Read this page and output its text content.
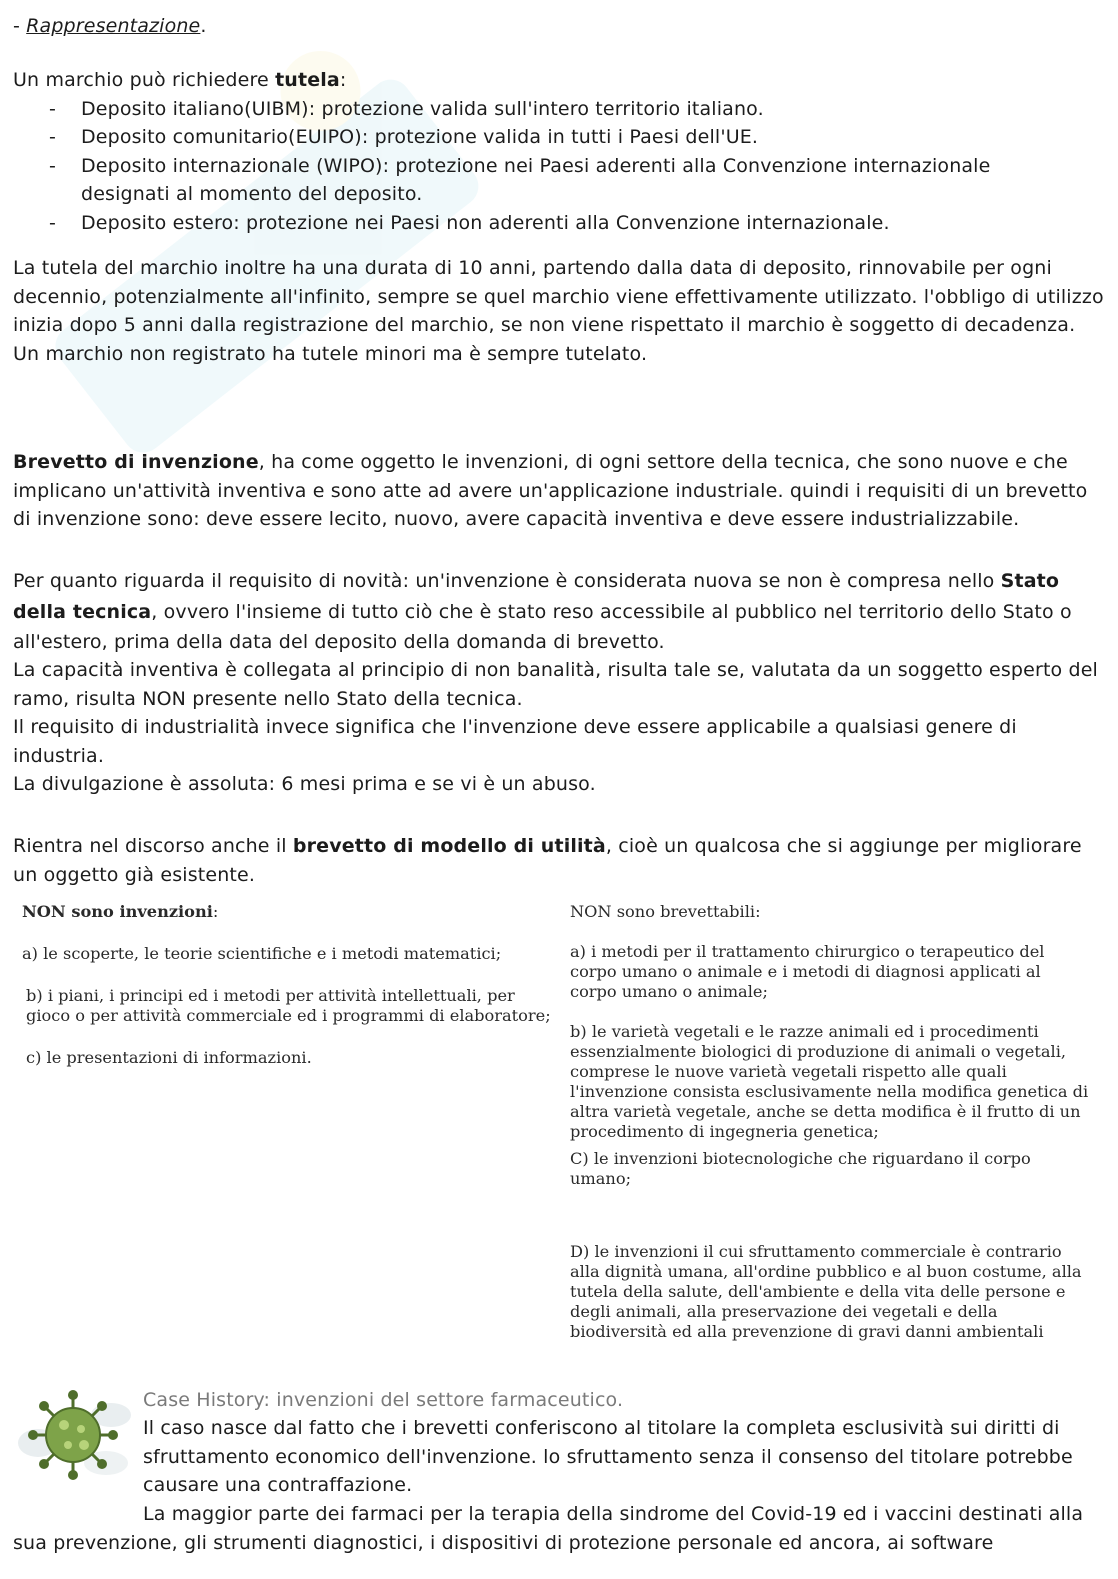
- Rappresentazione.
Un marchio può richiedere tutela:
- Deposito italiano(UIBM): protezione valida sull'intero territorio italiano.
- Deposito comunitario(EUIPO): protezione valida in tutti i Paesi dell'UE.
- Deposito internazionale (WIPO): protezione nei Paesi aderenti alla Convenzione internazionale designati al momento del deposito.
- Deposito estero: protezione nei Paesi non aderenti alla Convenzione internazionale.
La tutela del marchio inoltre ha una durata di 10 anni, partendo dalla data di deposito, rinnovabile per ogni decennio, potenzialmente all'infinito, sempre se quel marchio viene effettivamente utilizzato. l'obbligo di utilizzo inizia dopo 5 anni dalla registrazione del marchio, se non viene rispettato il marchio è soggetto di decadenza.
Un marchio non registrato ha tutele minori ma è sempre tutelato.
Brevetto di invenzione, ha come oggetto le invenzioni, di ogni settore della tecnica, che sono nuove e che implicano un'attività inventiva e sono atte ad avere un'applicazione industriale. quindi i requisiti di un brevetto di invenzione sono: deve essere lecito, nuovo, avere capacità inventiva e deve essere industrializzabile.
Per quanto riguarda il requisito di novità: un'invenzione è considerata nuova se non è compresa nello Stato della tecnica, ovvero l'insieme di tutto ciò che è stato reso accessibile al pubblico nel territorio dello Stato o all'estero, prima della data del deposito della domanda di brevetto.
La capacità inventiva è collegata al principio di non banalità, risulta tale se, valutata da un soggetto esperto del ramo, risulta NON presente nello Stato della tecnica.
Il requisito di industrialità invece significa che l'invenzione deve essere applicabile a qualsiasi genere di industria.
La divulgazione è assoluta: 6 mesi prima e se vi è un abuso.
Rientra nel discorso anche il brevetto di modello di utilità, cioè un qualcosa che si aggiunge per migliorare un oggetto già esistente.

NON sono invenzioni:

a) le scoperte, le teorie scientifiche e i metodi matematici;

b) i piani, i principi ed i metodi per attività intellettuali, per gioco o per attività commerciale ed i programmi di elaboratore;

c) le presentazioni di informazioni.

NON sono brevettabili:

a) i metodi per il trattamento chirurgico o terapeutico del corpo umano o animale e i metodi di diagnosi applicati al corpo umano o animale;

b) le varietà vegetali e le razze animali ed i procedimenti essenzialmente biologici di produzione di animali o vegetali, comprese le nuove varietà vegetali rispetto alle quali l'invenzione consista esclusivamente nella modifica genetica di altra varietà vegetale, anche se detta modifica è il frutto di un procedimento di ingegneria genetica;

C) le invenzioni biotecnologiche che riguardano il corpo umano;

D) le invenzioni il cui sfruttamento commerciale è contrario alla dignità umana, all'ordine pubblico e al buon costume, alla tutela della salute, dell'ambiente e della vita delle persone e degli animali, alla preservazione dei vegetali e della biodiversità ed alla prevenzione di gravi danni ambientali

Case History: invenzioni del settore farmaceutico.
Il caso nasce dal fatto che i brevetti conferiscono al titolare la completa esclusività sui diritti di sfruttamento economico dell'invenzione. lo sfruttamento senza il consenso del titolare potrebbe causare una contraffazione.
La maggior parte dei farmaci per la terapia della sindrome del Covid-19 ed i vaccini destinati alla sua prevenzione, gli strumenti diagnostici, i dispositivi di protezione personale ed ancora, ai software
